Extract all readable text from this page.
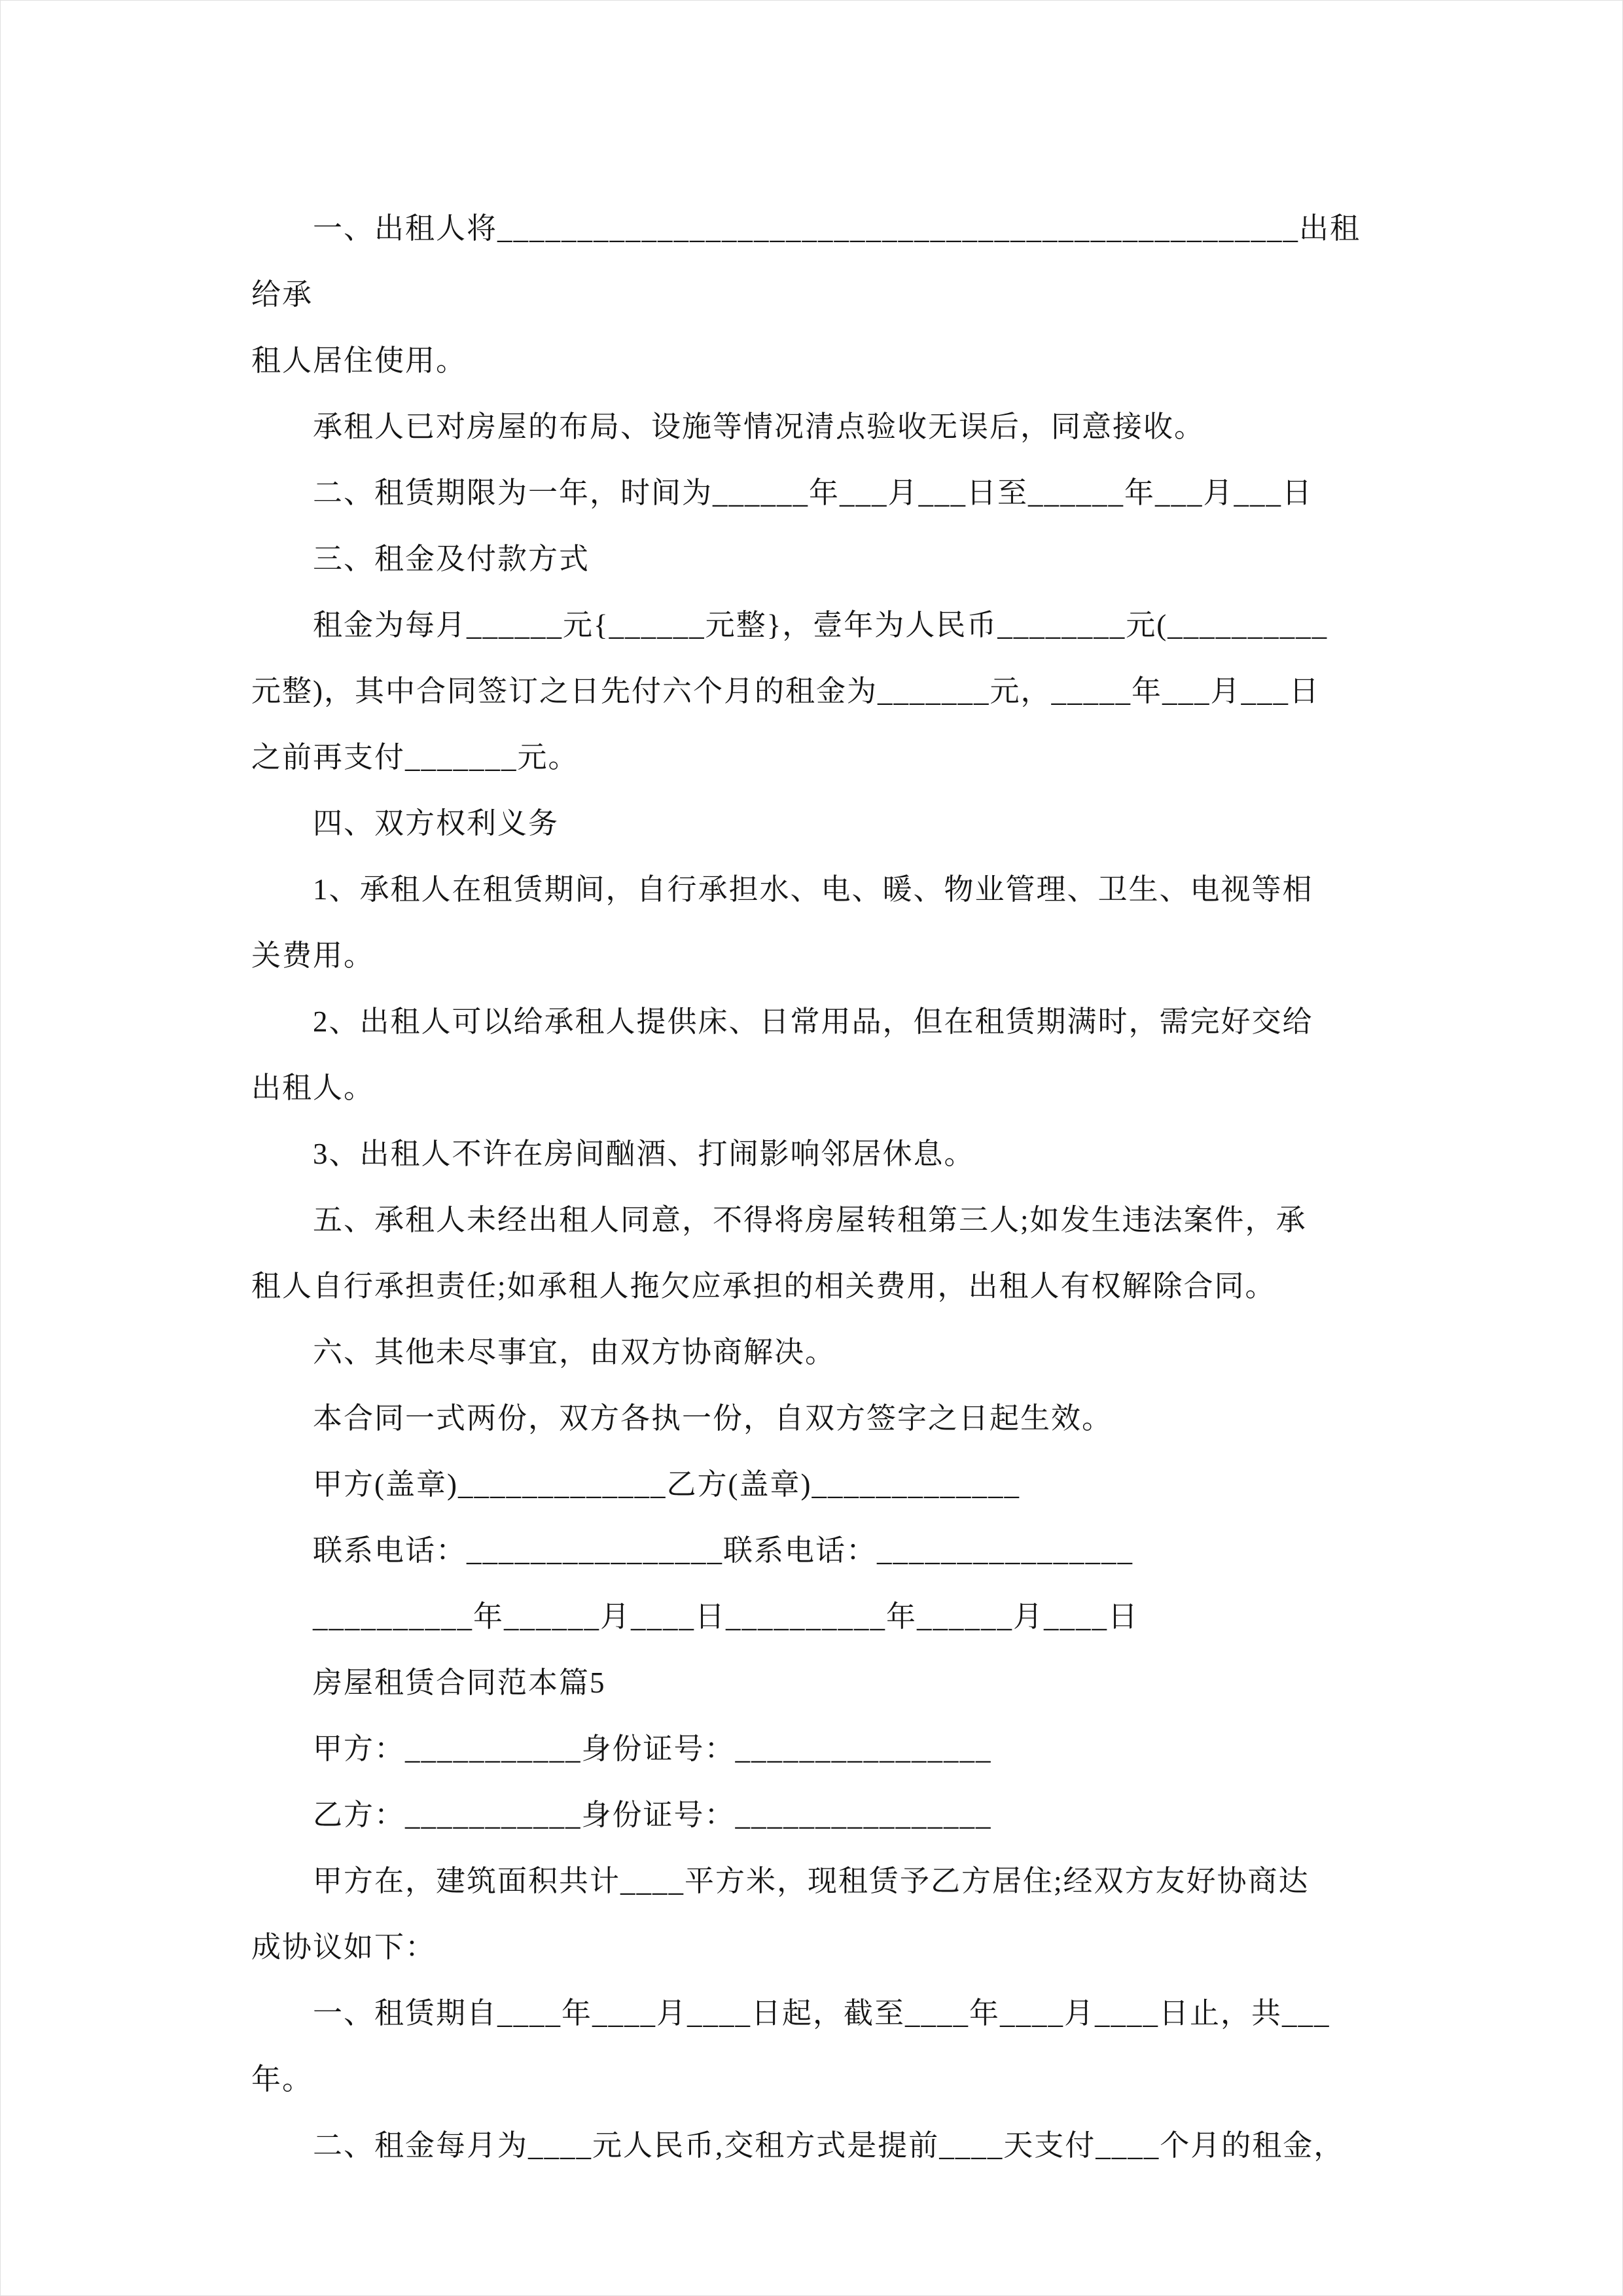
　　一、出租人将__________________________________________________出租给承
租人居住使用。
　　承租人已对房屋的布局、设施等情况清点验收无误后，同意接收。
　　二、租赁期限为一年，时间为______年___月___日至______年___月___日
　　三、租金及付款方式
　　租金为每月______元{______元整}，壹年为人民币________元(__________
元整)，其中合同签订之日先付六个月的租金为_______元，_____年___月___日
之前再支付_______元。
　　四、双方权利义务
　　1、承租人在租赁期间，自行承担水、电、暖、物业管理、卫生、电视等相
关费用。
　　2、出租人可以给承租人提供床、日常用品，但在租赁期满时，需完好交给
出租人。
　　3、出租人不许在房间酗酒、打闹影响邻居休息。
　　五、承租人未经出租人同意，不得将房屋转租第三人;如发生违法案件，承
租人自行承担责任;如承租人拖欠应承担的相关费用，出租人有权解除合同。
　　六、其他未尽事宜，由双方协商解决。
　　本合同一式两份，双方各执一份，自双方签字之日起生效。
　　甲方(盖章)_____________乙方(盖章)_____________
　　联系电话：________________联系电话：________________
　　__________年______月____日__________年______月____日
　　房屋租赁合同范本篇5
　　甲方：___________身份证号：________________
　　乙方：___________身份证号：________________
　　甲方在，建筑面积共计____平方米，现租赁予乙方居住;经双方友好协商达
成协议如下：
　　一、租赁期自____年____月____日起，截至____年____月____日止，共___
年。
　　二、租金每月为____元人民币,交租方式是提前____天支付____个月的租金，
